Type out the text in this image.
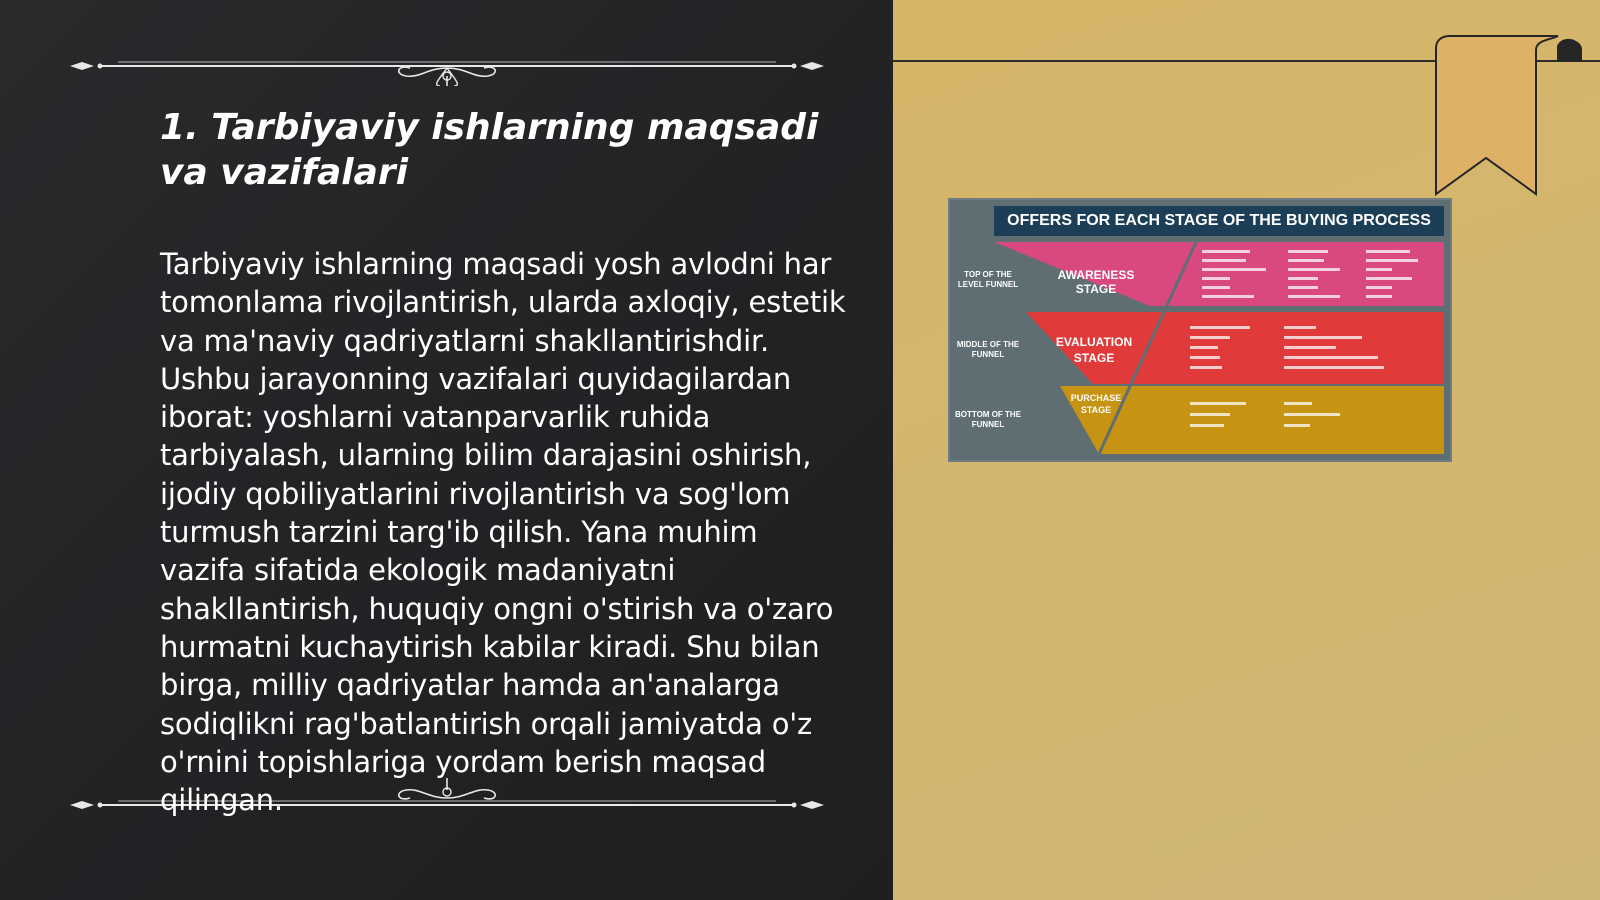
1. Tarbiyaviy ishlarning maqsadi va vazifalari

Tarbiyaviy ishlarning maqsadi yosh avlodni har tomonlama rivojlantirish, ularda axloqiy, estetik va ma'naviy qadriyatlarni shakllantirishdir. Ushbu jarayonning vazifalari quyidagilardan iborat: yoshlarni vatanparvarlik ruhida tarbiyalash, ularning bilim darajasini oshirish, ijodiy qobiliyatlarini rivojlantirish va sog'lom turmush tarzini targ'ib qilish. Yana muhim vazifa sifatida ekologik madaniyatni shakllantirish, huquqiy ongni o'stirish va o'zaro hurmatni kuchaytirish kabilar kiradi. Shu bilan birga, milliy qadriyatlar hamda an'analarga sodiqlikni rag'batlantirish orqali jamiyatda o'z o'rnini topishlariga yordam berish maqsad qilingan.

OFFERS FOR EACH STAGE OF THE BUYING PROCESS

TOP OF THE LEVEL FUNNEL

MIDDLE OF THE FUNNEL

BOTTOM OF THE FUNNEL

AWARENESS STAGE

EVALUATION STAGE

PURCHASE STAGE
